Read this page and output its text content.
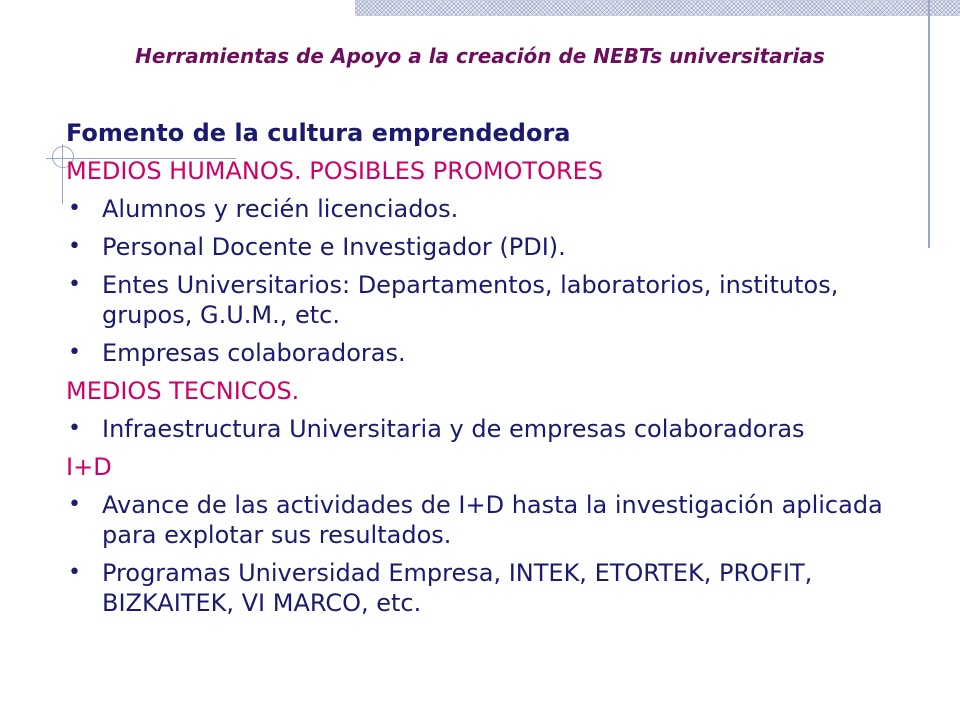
Herramientas de Apoyo a la creación de NEBTs universitarias
Fomento de la cultura emprendedora
MEDIOS HUMANOS. POSIBLES PROMOTORES
• Alumnos y recién licenciados.
• Personal Docente e Investigador (PDI).
• Entes Universitarios: Departamentos, laboratorios, institutos, grupos, G.U.M., etc.
• Empresas colaboradoras.
MEDIOS TECNICOS.
• Infraestructura Universitaria y de empresas colaboradoras
I+D
• Avance de las actividades de I+D hasta la investigación aplicada para explotar sus resultados.
• Programas Universidad Empresa, INTEK, ETORTEK, PROFIT, BIZKAITEK, VI MARCO, etc.
